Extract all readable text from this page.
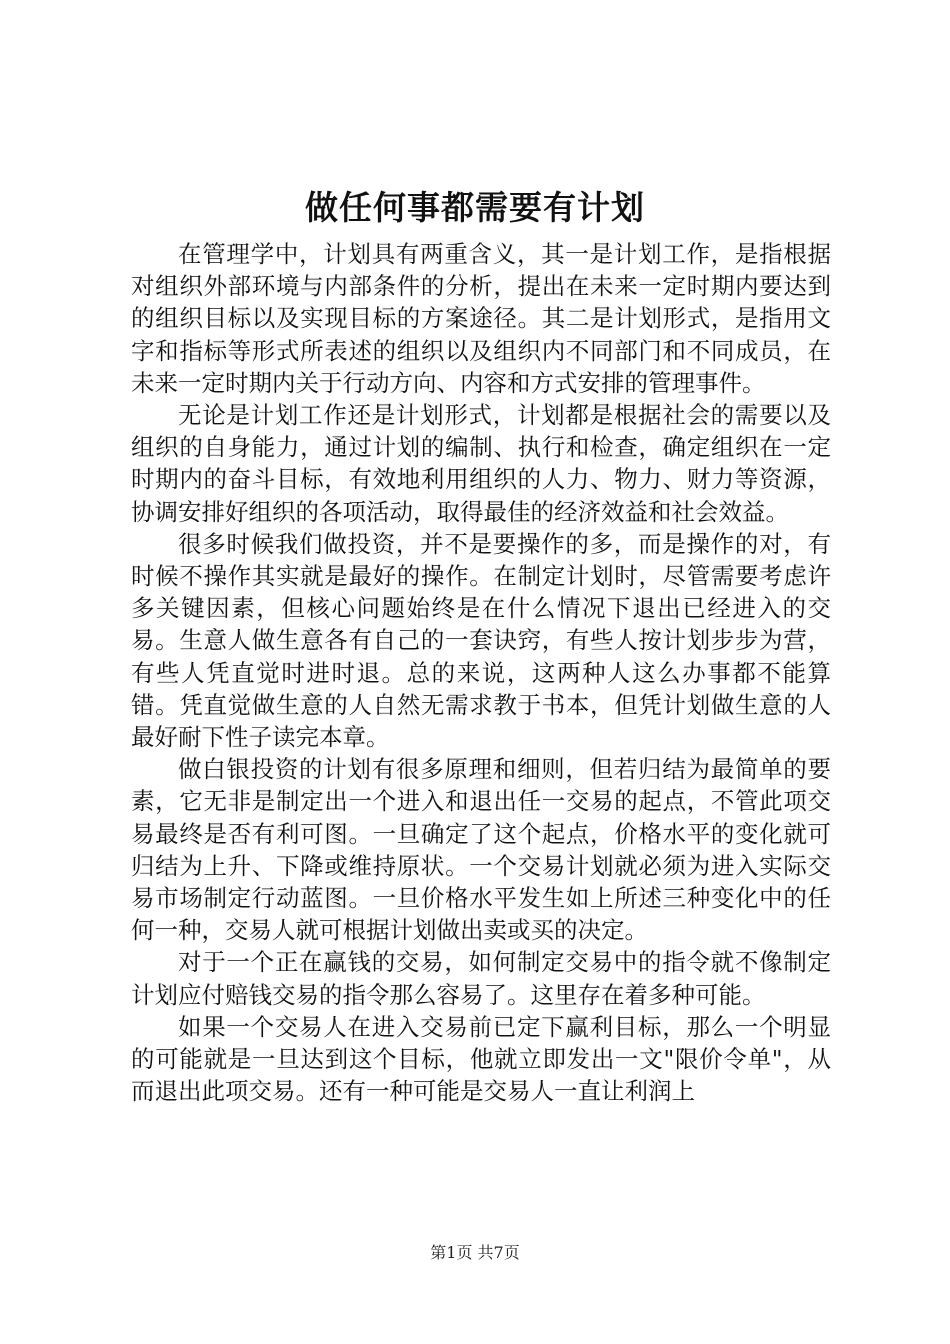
做任何事都需要有计划

在管理学中，计划具有两重含义，其一是计划工作，是指根据对组织外部环境与内部条件的分析，提出在未来一定时期内要达到的组织目标以及实现目标的方案途径。其二是计划形式，是指用文字和指标等形式所表述的组织以及组织内不同部门和不同成员，在未来一定时期内关于行动方向、内容和方式安排的管理事件。

无论是计划工作还是计划形式，计划都是根据社会的需要以及组织的自身能力，通过计划的编制、执行和检查，确定组织在一定时期内的奋斗目标，有效地利用组织的人力、物力、财力等资源，协调安排好组织的各项活动，取得最佳的经济效益和社会效益。

很多时候我们做投资，并不是要操作的多，而是操作的对，有时候不操作其实就是最好的操作。在制定计划时，尽管需要考虑许多关键因素，但核心问题始终是在什么情况下退出已经进入的交易。生意人做生意各有自己的一套诀窍，有些人按计划步步为营，有些人凭直觉时进时退。总的来说，这两种人这么办事都不能算错。凭直觉做生意的人自然无需求教于书本，但凭计划做生意的人最好耐下性子读完本章。

做白银投资的计划有很多原理和细则，但若归结为最简单的要素，它无非是制定出一个进入和退出任一交易的起点，不管此项交易最终是否有利可图。一旦确定了这个起点，价格水平的变化就可归结为上升、下降或维持原状。一个交易计划就必须为进入实际交易市场制定行动蓝图。一旦价格水平发生如上所述三种变化中的任何一种，交易人就可根据计划做出卖或买的决定。

对于一个正在赢钱的交易，如何制定交易中的指令就不像制定计划应付赔钱交易的指令那么容易了。这里存在着多种可能。

如果一个交易人在进入交易前已定下赢利目标，那么一个明显的可能就是一旦达到这个目标，他就立即发出一文"限价令单"，从而退出此项交易。还有一种可能是交易人一直让利润上

第1页 共7页
